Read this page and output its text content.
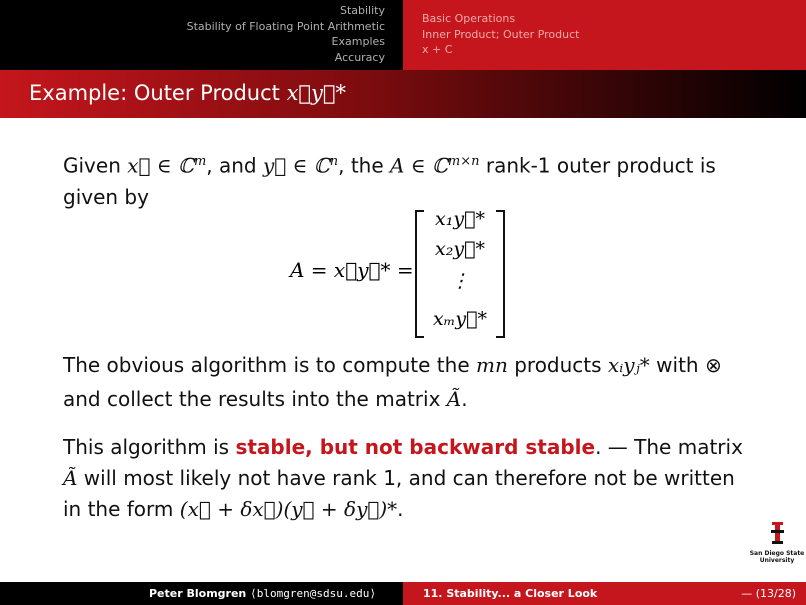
Stability
Stability of Floating Point Arithmetic
Examples
Accuracy
Basic Operations
Inner Product; Outer Product
x + C
Example: Outer Product x⃗y⃗*
Given x⃗ ∈ ℂ$^m$, and y⃗ ∈ ℂ$^n$, the A ∈ ℂ$^{m\times n}$ rank-1 outer product is given by
A = x⃗y⃗* =
x₁y⃗*
x₂y⃗*
⋮
xₘy⃗*
The obvious algorithm is to compute the mn products xᵢyⱼ* with ⊗ and collect the results into the matrix Ã.
This algorithm is stable, but not backward stable. — The matrix Ã will most likely not have rank 1, and can therefore not be written in the form (x⃗ + δx⃗)(y⃗ + δy⃗)*.
San Diego State
University
Peter Blomgren ⟨blomgren@sdsu.edu⟩	11. Stability... a Closer Look	— (13/28)
